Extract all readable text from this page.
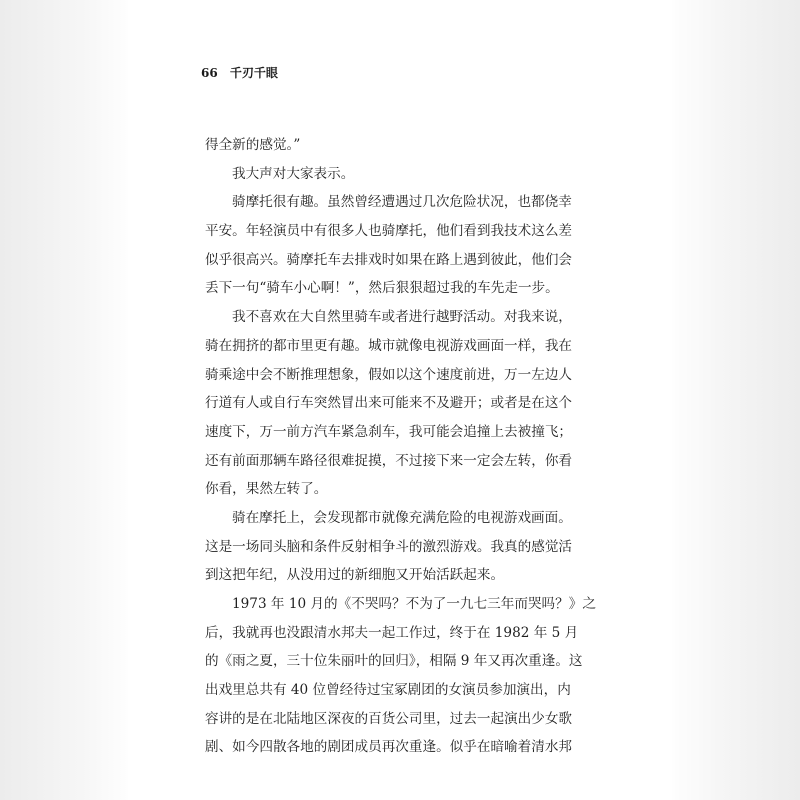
66 千刃千眼
得全新的感觉。”
我大声对大家表示。
骑摩托很有趣。虽然曾经遭遇过几次危险状况，也都侥幸
平安。年轻演员中有很多人也骑摩托，他们看到我技术这么差
似乎很高兴。骑摩托车去排戏时如果在路上遇到彼此，他们会
丢下一句“骑车小心啊！”，然后狠狠超过我的车先走一步。
我不喜欢在大自然里骑车或者进行越野活动。对我来说，
骑在拥挤的都市里更有趣。城市就像电视游戏画面一样，我在
骑乘途中会不断推理想象，假如以这个速度前进，万一左边人
行道有人或自行车突然冒出来可能来不及避开；或者是在这个
速度下，万一前方汽车紧急刹车，我可能会追撞上去被撞飞；
还有前面那辆车路径很难捉摸，不过接下来一定会左转，你看
你看，果然左转了。
骑在摩托上，会发现都市就像充满危险的电视游戏画面。
这是一场同头脑和条件反射相争斗的激烈游戏。我真的感觉活
到这把年纪，从没用过的新细胞又开始活跃起来。
1973 年 10 月的《不哭吗？不为了一九七三年而哭吗？》之
后，我就再也没跟清水邦夫一起工作过，终于在 1982 年 5 月
的《雨之夏，三十位朱丽叶的回归》，相隔 9 年又再次重逢。这
出戏里总共有 40 位曾经待过宝冢剧团的女演员参加演出，内
容讲的是在北陆地区深夜的百货公司里，过去一起演出少女歌
剧、如今四散各地的剧团成员再次重逢。似乎在暗喻着清水邦
